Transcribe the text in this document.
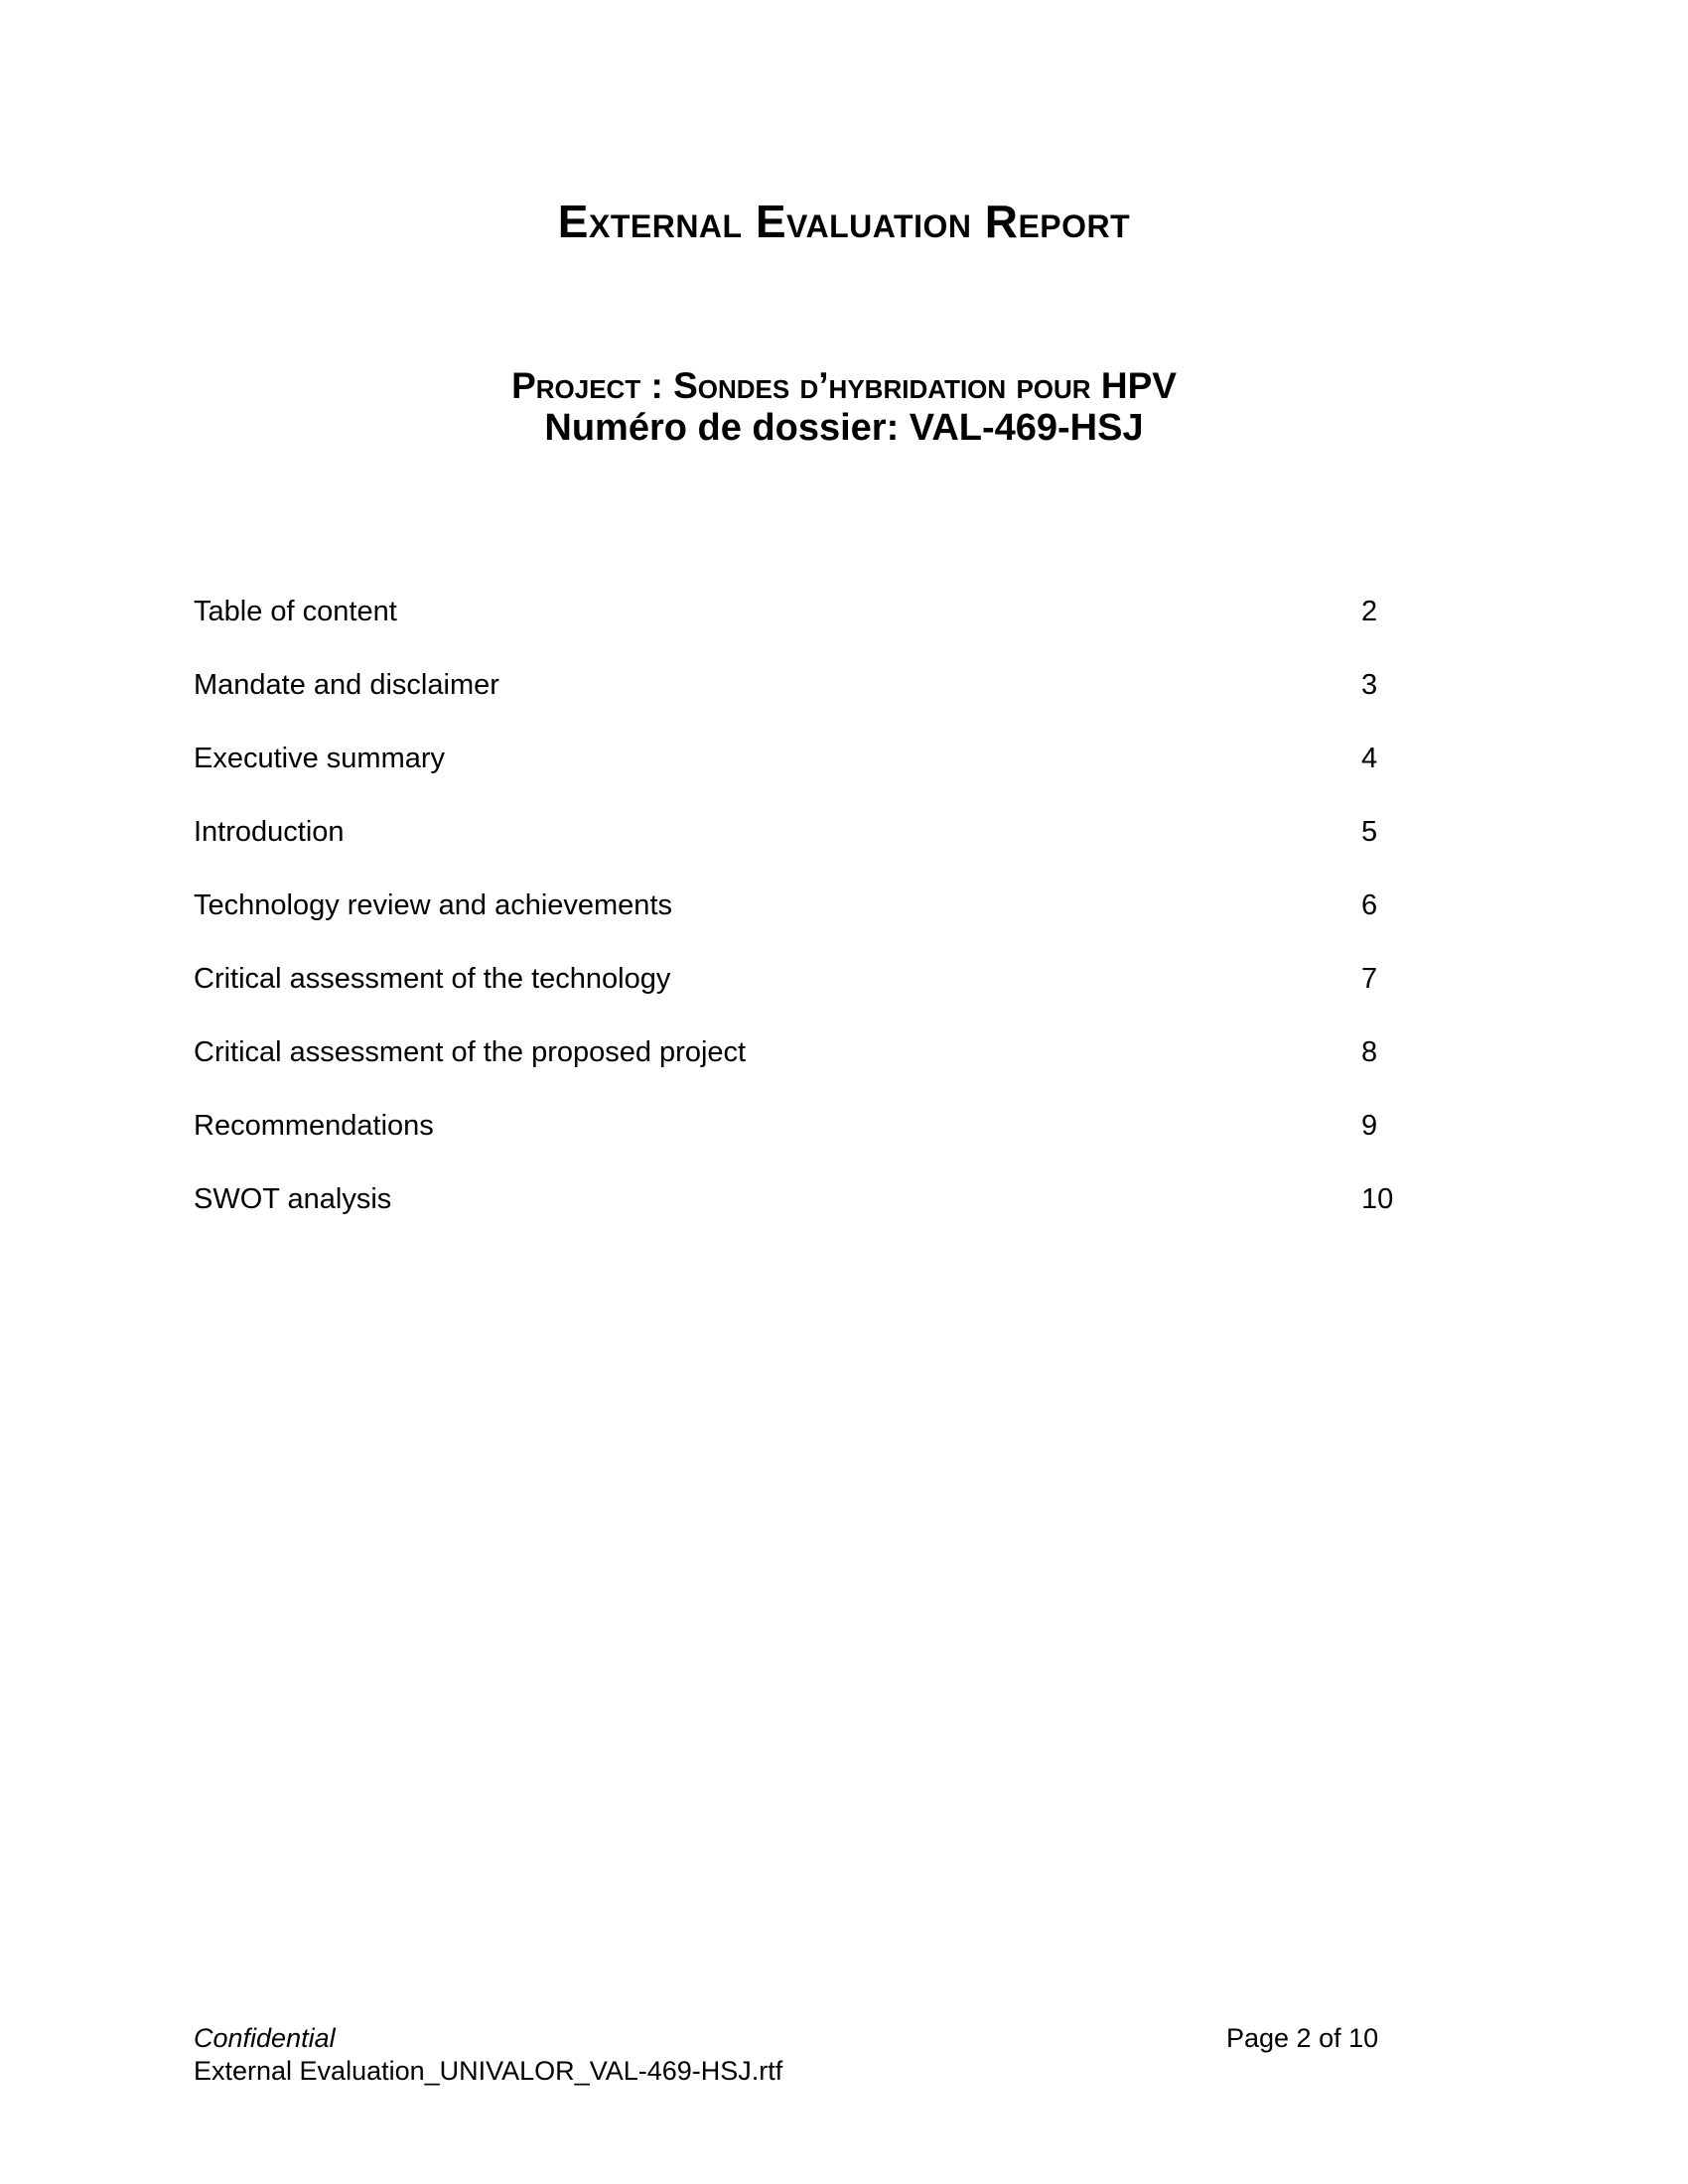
External Evaluation Report
Project : Sondes d’hybridation pour HPV
Numéro de dossier: VAL-469-HSJ
Table of content	2
Mandate and disclaimer	3
Executive summary	4
Introduction	5
Technology review and achievements	6
Critical assessment of the technology	7
Critical assessment of the proposed project	8
Recommendations	9
SWOT analysis	10
Confidential
External Evaluation_UNIVALOR_VAL-469-HSJ.rtf
Page 2 of 10
